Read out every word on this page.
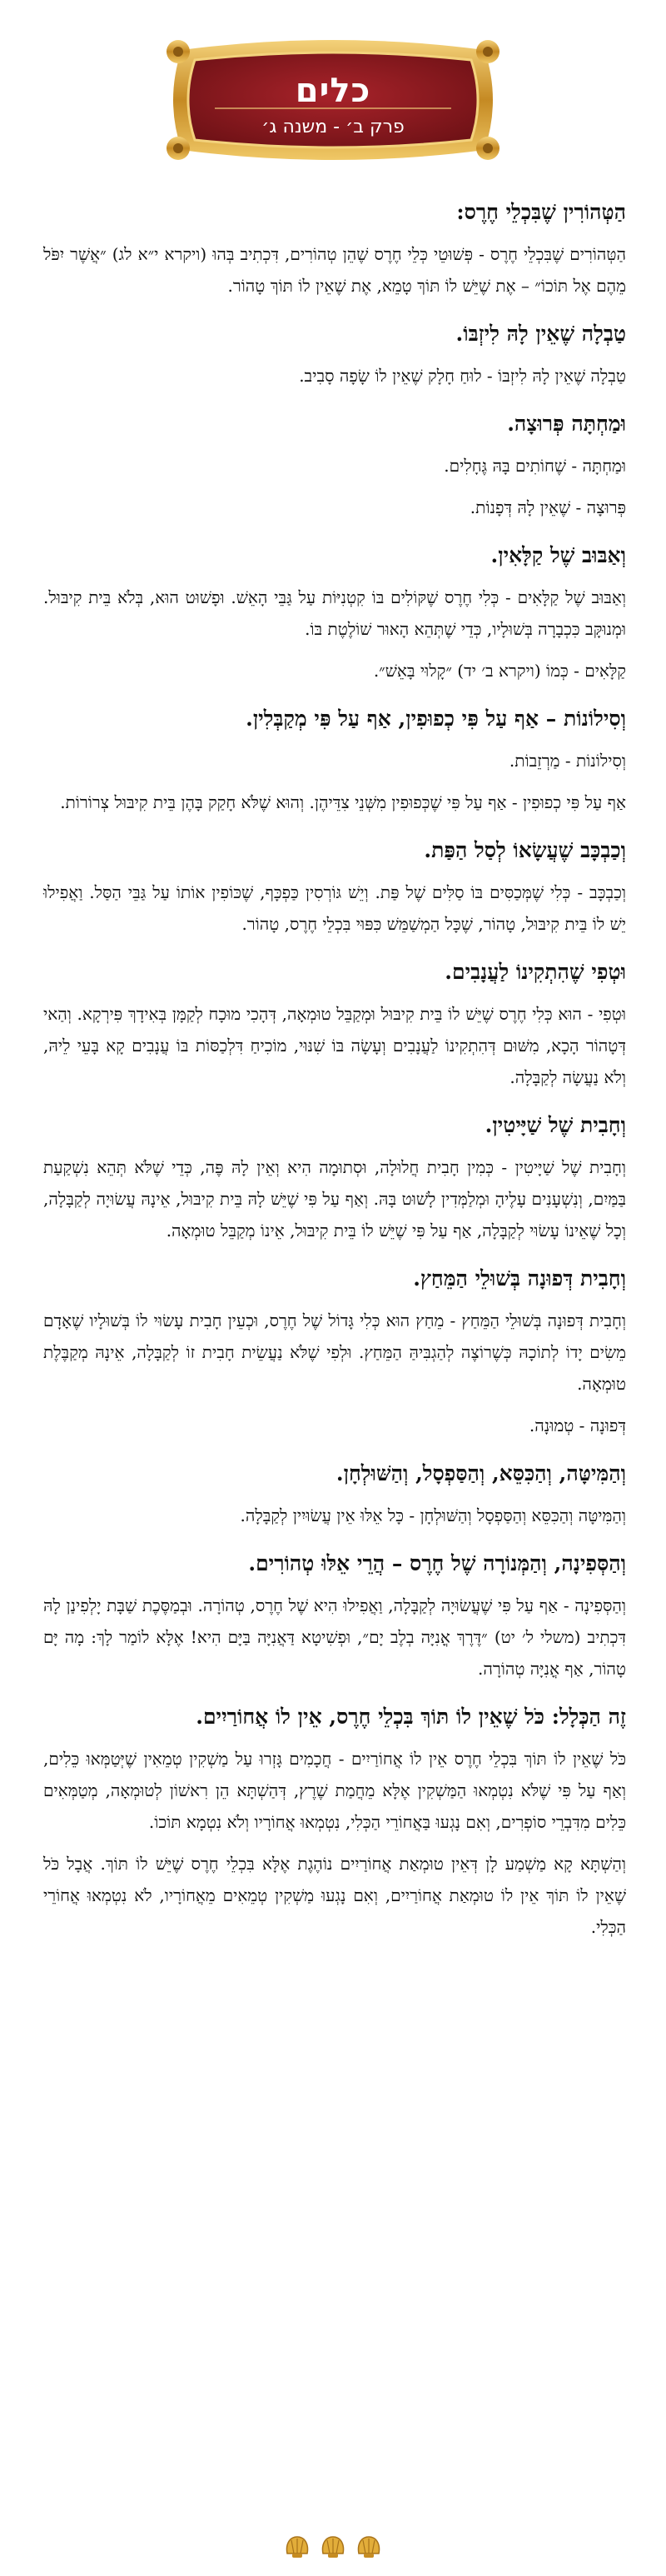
כלים
פרק ב׳ - משנה ג׳
הַטְּהוֹרִין שֶׁבִּכְלֵי חֶרֶס:
הַטְּהוֹרִים שֶׁבִּכְלֵי חֶרֶס - פְּשׁוּטֵי כְּלֵי חֶרֶס שֶׁהֵן טְהוֹרִים, דִּכְתִיב בְּהוּ (ויקרא י״א לג) ״אֲשֶׁר יִפֹּל מֵהֶם אֶל תּוֹכוֹ״ – אֶת שֶׁיֵּשׁ לוֹ תּוֹךְ טָמֵא, אֶת שֶׁאֵין לוֹ תּוֹךְ טָהוֹר.
טַבְלָה שֶׁאֵין לָהּ לִיזְבּוֹ.
טַבְלָה שֶׁאֵין לָהּ לִיזְבּוֹ - לוּחַ חָלָק שֶׁאֵין לוֹ שָׂפָה סָבִיב.
וּמַחְתָּה פְּרוּצָה.
וּמַחְתָּה - שֶׁחוֹתִים בָּהּ גֶּחָלִים.
פְּרוּצָה - שֶׁאֵין לָהּ דְּפָנוֹת.
וְאַבּוּב שֶׁל קַלָּאִין.
וְאַבּוּב שֶׁל קַלָּאִים - כְּלִי חֶרֶס שֶׁקּוֹלִים בּוֹ קִטְנִיּוֹת עַל גַּבֵּי הָאֵשׁ. וּפָשׁוּט הוּא, בְּלֹא בֵּית קִיבּוּל. וּמְנוּקָּב כִּכְבָרָה בְּשׁוּלָיו, כְּדֵי שֶׁתְּהֵא הָאוּר שׁוֹלֶטֶת בּוֹ.
קַלָּאִים - כְּמוֹ (ויקרא ב׳ יד) ״קָלוּי בָּאֵשׁ״.
וְסִילוֹנוֹת – אַף עַל פִּי כְפוּפִין, אַף עַל פִּי מְקַבְּלִין.
וְסִילוֹנוֹת - מַרְזֵבוֹת.
אַף עַל פִּי כְפוּפִין - אַף עַל פִּי שֶׁכְּפוּפִין מִשְּׁנֵי צִדֵּיהֶן. וְהוּא שֶׁלֹּא חָקַק בָּהֶן בֵּית קִיבּוּל צְרוֹרוֹת.
וְכַבְכָּב שֶׁעֲשָׂאוֹ לְסַל הַפַּת.
וְכַבְכָּב - כְּלִי שֶׁמְּכַסִּים בּוֹ סַלִּים שֶׁל פַּת. וְיֵשׁ גּוֹרְסִין כַּפְכָּף, שֶׁכּוֹפִין אוֹתוֹ עַל גַּבֵּי הַסַּל. וַאֲפִילוּ יֵשׁ לוֹ בֵּית קִיבּוּל, טָהוֹר, שֶׁכָּל הַמְשַׁמֵּשׁ כִּפּוּי בִּכְלֵי חֶרֶס, טָהוֹר.
וּטְפִי שֶׁהִתְקִינוֹ לַעֲנָבִים.
וּטְפִי - הוּא כְּלִי חֶרֶס שֶׁיֵּשׁ לוֹ בֵּית קִיבּוּל וּמְקַבֵּל טוּמְאָה, דְּהָכִי מוּכָח לְקַמָּן בְּאִידָךְ פִּירְקָא. וְהַאי דְּטָהוֹר הָכָא, מִשּׁוּם דְּהִתְקִינוֹ לַעֲנָבִים וְעָשָׂה בּוֹ שִׁנּוּי, מוֹכִיחַ דִּלְכַסּוֹת בּוֹ עֲנָבִים קָא בָּעֵי לֵיהּ, וְלֹא נַעֲשָׂה לְקַבָּלָה.
וְחָבִית שֶׁל שַׁיָּיטִין.
וְחָבִית שֶׁל שַׁיָּיטִין - כְּמִין חָבִית חֲלוּלָה, וּסְתוּמָה הִיא וְאֵין לָהּ פֶּה, כְּדֵי שֶׁלֹּא תְּהֵא נִשְׁקַעַת בַּמַּיִם, וְנִשְׁעָנִים עָלֶיהָ וּמְלַמְּדִין לָשׁוּט בָּהּ. וְאַף עַל פִּי שֶׁיֵּשׁ לָהּ בֵּית קִיבּוּל, אֵינָהּ עֲשׂוּיָה לְקַבָּלָה, וְכָל שֶׁאֵינוֹ עָשׂוּי לְקַבָּלָה, אַף עַל פִּי שֶׁיֵּשׁ לוֹ בֵּית קִיבּוּל, אֵינוֹ מְקַבֵּל טוּמְאָה.
וְחָבִית דְּפוּנָה בְּשׁוּלֵי הַמֵּחַץ.
וְחָבִית דְּפוּנָה בְּשׁוּלֵי הַמֵּחַץ - מֵחַץ הוּא כְּלִי גָּדוֹל שֶׁל חֶרֶס, וּכְעֵין חָבִית עָשׂוּי לוֹ בְּשׁוּלָיו שֶׁאָדָם מֵשִׂים יָדוֹ לְתוֹכָהּ כְּשֶׁרוֹצֶה לְהַגְבִּיהַּ הַמֵּחַץ. וּלְפִי שֶׁלֹּא נַעֲשֵׂית חָבִית זוֹ לְקַבָּלָה, אֵינָהּ מְקַבֶּלֶת טוּמְאָה.
דְּפוּנָה - טְמוּנָה.
וְהַמִּיטָּה, וְהַכִּסֵּא, וְהַסַּפְסָל, וְהַשּׁוּלְחָן.
וְהַמִּיטָּה וְהַכִּסֵּא וְהַסַּפְסָל וְהַשּׁוּלְחָן - כָּל אֵלּוּ אֵין עֲשׂוּיִין לְקַבָּלָה.
וְהַסְּפִינָה, וְהַמְּנוֹרָה שֶׁל חֶרֶס – הֲרֵי אֵלּוּ טְהוֹרִים.
וְהַסְּפִינָה - אַף עַל פִּי שֶׁעֲשׂוּיָה לְקַבָּלָה, וַאֲפִילוּ הִיא שֶׁל חֶרֶס, טְהוֹרָה. וּבְמַסֶּכֶת שַׁבָּת יָלְפִינַן לָהּ דִּכְתִיב (משלי ל׳ יט) ״דֶּרֶךְ אֳנִיָּה בְלֶב יָם״, וּפְשִׁיטָא דַּאֲנִיָּה בַּיָּם הִיא! אֶלָּא לוֹמַר לָךְ: מָה יָּם טָהוֹר, אַף אֳנִיָּה טְהוֹרָה.
זֶה הַכְּלָל: כֹּל שֶׁאֵין לוֹ תּוֹךְ בִּכְלֵי חֶרֶס, אֵין לוֹ אֲחוֹרַיִים.
כֹּל שֶׁאֵין לוֹ תּוֹךְ בִּכְלֵי חֶרֶס אֵין לוֹ אֲחוֹרַיִים - חֲכָמִים גָּזְרוּ עַל מַשְׁקִין טְמֵאִין שֶׁיְּטַמְּאוּ כֵּלִים, וְאַף עַל פִּי שֶׁלֹּא נִטְמְאוּ הַמַּשְׁקִין אֶלָּא מֵחֲמַת שֶׁרֶץ, דְּהַשְׁתָּא הֵן רִאשׁוֹן לְטוּמְאָה, מְטַמְּאִים כֵּלִים מִדִּבְרֵי סוֹפְרִים, וְאִם נָגְעוּ בַּאֲחוֹרֵי הַכְּלִי, נִטְמְאוּ אֲחוֹרָיו וְלֹא נִטְמָא תּוֹכוֹ.
וְהַשְׁתָּא קָא מַשְׁמַע לָן דְּאֵין טוּמְאַת אֲחוֹרַיִים נוֹהֶגֶת אֶלָּא בִּכְלֵי חֶרֶס שֶׁיֵּשׁ לוֹ תּוֹךְ. אֲבָל כֹּל שֶׁאֵין לוֹ תּוֹךְ אֵין לוֹ טוּמְאַת אֲחוֹרַיִים, וְאִם נָגְעוּ מַשְׁקִין טְמֵאִים מֵאֲחוֹרָיו, לֹא נִטְמְאוּ אֲחוֹרֵי הַכְּלִי.
